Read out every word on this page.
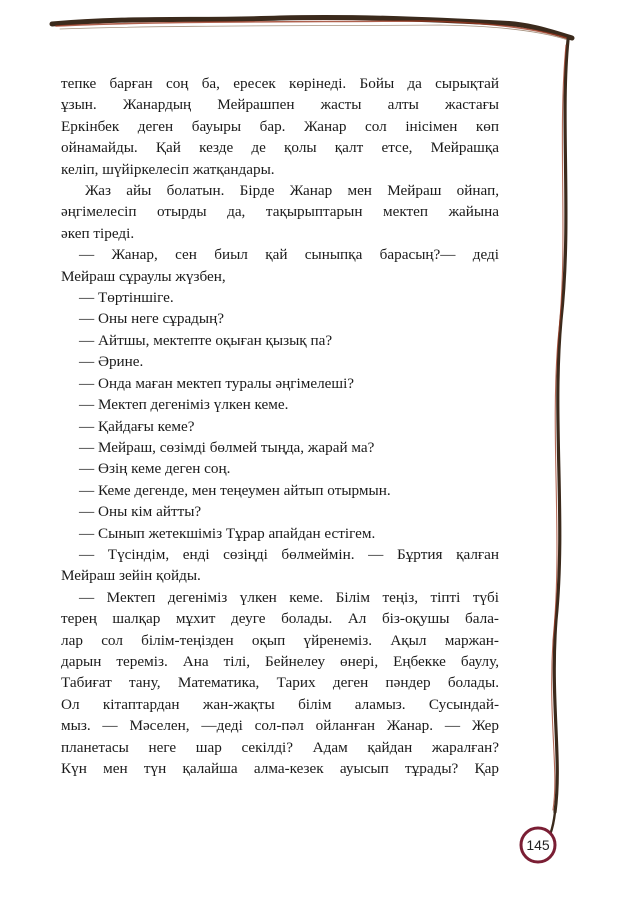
тепке барған соң ба, ересек көрінеді. Бойы да сырықтай
ұзын. Жанардың Мейрашпен жасты алты жастағы
Еркінбек деген бауыры бар. Жанар сол інісімен көп
ойнамайды. Қай кезде де қолы қалт етсе, Мейрашқа
келіп, шүйіркелесіп жатқандары.
Жаз айы болатын. Бірде Жанар мен Мейраш ойнап,
әңгімелесіп отырды да, тақырыптарын мектеп жайына
әкеп тіреді.
— Жанар, сен биыл қай сыныпқа барасың?— деді
Мейраш сұраулы жүзбен,
— Төртіншіге.
— Оны неге сұрадың?
— Айтшы, мектепте оқыған қызық па?
— Әрине.
— Онда маған мектеп туралы әңгімелеші?
— Мектеп дегеніміз үлкен кеме.
— Қайдағы кеме?
— Мейраш, сөзімді бөлмей тыңда, жарай ма?
— Өзің кеме деген соң.
— Кеме дегенде, мен теңеумен айтып отырмын.
— Оны кім айтты?
— Сынып жетекшіміз Тұрар апайдан естігем.
— Түсіндім, енді сөзіңді бөлмеймін. — Бұртия қалған
Мейраш зейін қойды.
— Мектеп дегеніміз үлкен кеме. Білім теңіз, тіпті түбі
терең шалқар мұхит деуге болады. Ал біз-оқушы бала-
лар сол білім-теңізден оқып үйренеміз. Ақыл маржан-
дарын тереміз. Ана тілі, Бейнелеу өнері, Еңбекке баулу,
Табиғат тану, Математика, Тарих деген пәндер болады.
Ол кітаптардан жан-жақты білім аламыз. Сусындай-
мыз. — Мәселен, —деді сол-пәл ойланған Жанар. — Жер
планетасы неге шар секілді? Адам қайдан жаралған?
Күн мен түн қалайша алма-кезек ауысып тұрады? Қар
145
